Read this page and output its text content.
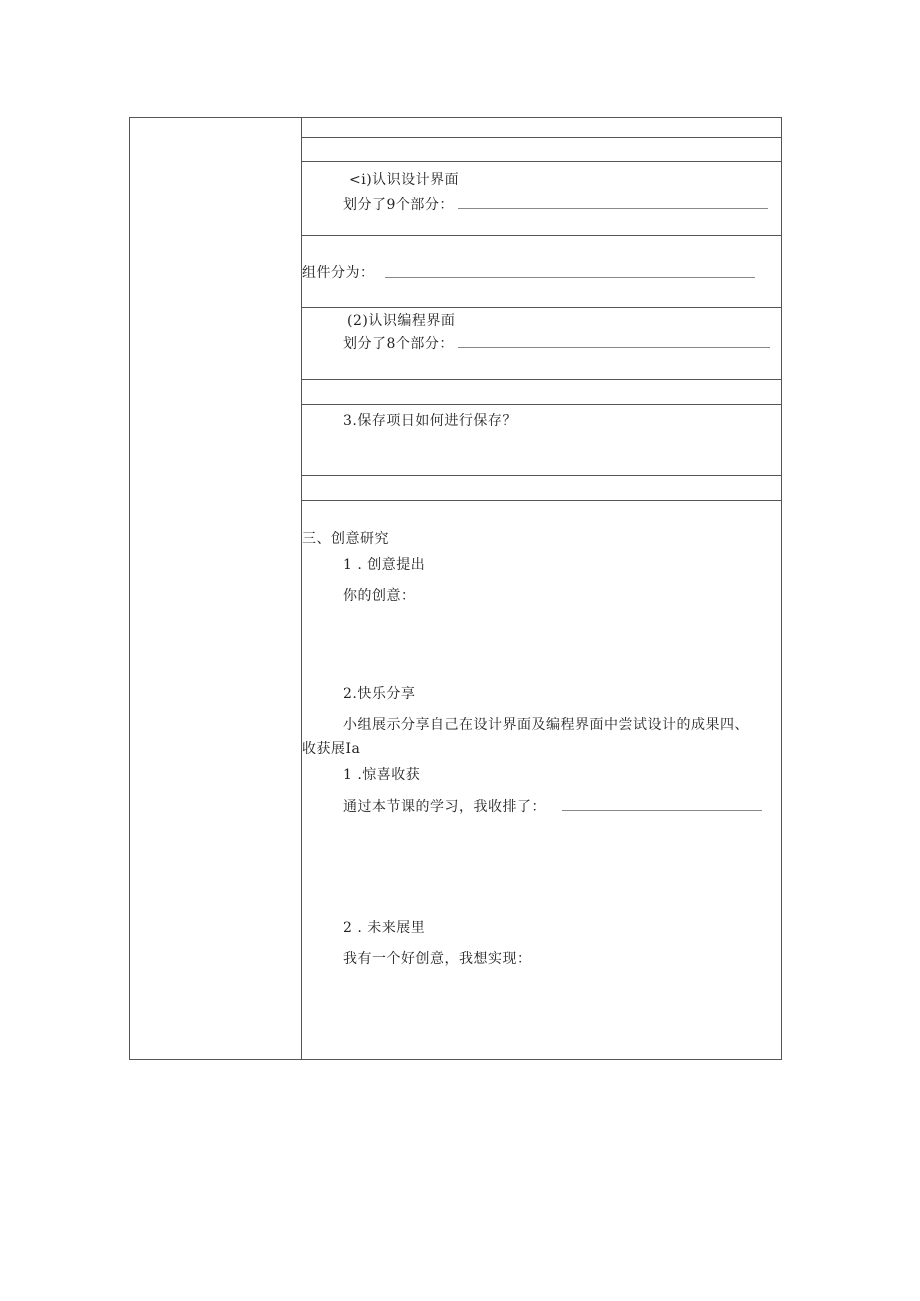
<i)认识设计界面
划分了9个部分：
组件分为：
(2)认识编程界面
划分了8个部分：
3.保存项日如何进行保存？
三、创意研究
1 . 创意提出
你的创意：
2.快乐分享
小组展示分享自己在设计界面及编程界面中尝试设计的成果四、
收获展Ia
1 .惊喜收获
通过本节课的学习，我收排了：
2 . 未来展里
我有一个好创意，我想实现：
